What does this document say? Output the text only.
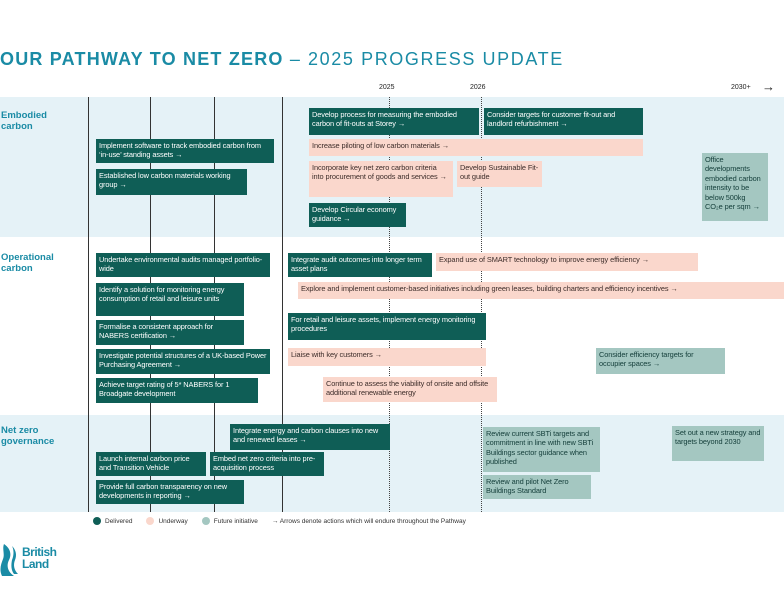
OUR PATHWAY TO NET ZERO – 2025 PROGRESS UPDATE
2025	2026	2030+ →
Embodied carbon
Operational carbon
Net zero governance
Develop process for measuring the embodied carbon of fit-outs at Storey →
Consider targets for customer fit-out and landlord refurbishment →
Implement software to track embodied carbon from ‘in-use’ standing assets →
Increase piloting of low carbon materials →
Established low carbon materials working group →
Incorporate key net zero carbon criteria into procurement of goods and services →
Develop Sustainable Fit-out guide
Develop Circular economy guidance →
Office developments embodied carbon intensity to be below 500kg CO₂e per sqm →
Undertake environmental audits managed portfolio-wide
Integrate audit outcomes into longer term asset plans
Expand use of SMART technology to improve energy efficiency →
Identify a solution for monitoring energy consumption of retail and leisure units
Explore and implement customer-based initiatives including green leases, building charters and efficiency incentives →
Formalise a consistent approach for NABERS certification →
For retail and leisure assets, implement energy monitoring procedures
Investigate potential structures of a UK-based Power Purchasing Agreement →
Liaise with key customers →	Consider efficiency targets for occupier spaces →
Achieve target rating of 5* NABERS for 1 Broadgate development
Continue to assess the viability of onsite and offsite additional renewable energy
Integrate energy and carbon clauses into new and renewed leases →
Review current SBTi targets and commitment in line with new SBTi Buildings sector guidance when published
Set out a new strategy and targets beyond 2030
Launch internal carbon price and Transition Vehicle
Embed net zero criteria into pre-acquisition process
Review and pilot Net Zero Buildings Standard
Provide full carbon transparency on new developments in reporting →
Delivered	Underway	Future initiative → Arrows denote actions which will endure throughout the Pathway
British
Land
